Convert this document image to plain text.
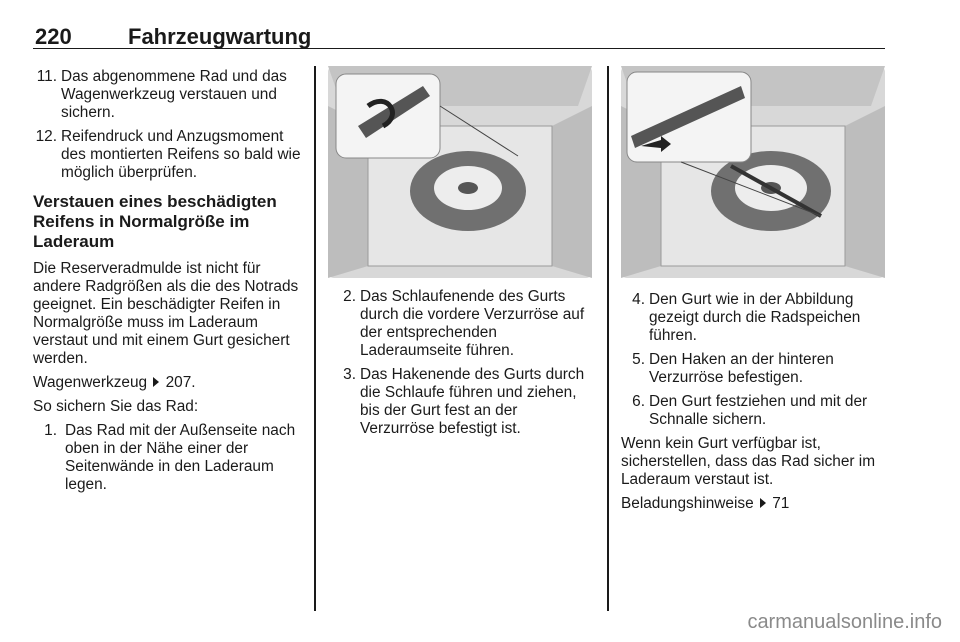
220	Fahrzeugwartung
11. Das abgenommene Rad und das Wagenwerkzeug verstauen und sichern.
12. Reifendruck und Anzugsmoment des montierten Reifens so bald wie möglich überprüfen.
Verstauen eines beschädigten Reifens in Normalgröße im Laderaum

Die Reserveradmulde ist nicht für andere Radgrößen als die des Notrads geeignet. Ein beschädigter Reifen in Normalgröße muss im Laderaum verstaut und mit einem Gurt gesichert werden.

Wagenwerkzeug 207.

So sichern Sie das Rad:

1. Das Rad mit der Außenseite nach oben in der Nähe einer der Seitenwände in den Laderaum legen.
2. Das Schlaufenende des Gurts durch die vordere Verzurröse auf der entsprechenden Laderaumseite führen.
3. Das Hakenende des Gurts durch die Schlaufe führen und ziehen, bis der Gurt fest an der Verzurröse befestigt ist.
4. Den Gurt wie in der Abbildung gezeigt durch die Radspeichen führen.
5. Den Haken an der hinteren Verzurröse befestigen.
6. Den Gurt festziehen und mit der Schnalle sichern.

Wenn kein Gurt verfügbar ist, sicherstellen, dass das Rad sicher im Laderaum verstaut ist.

Beladungshinweise 71

carmanualsonline.info
